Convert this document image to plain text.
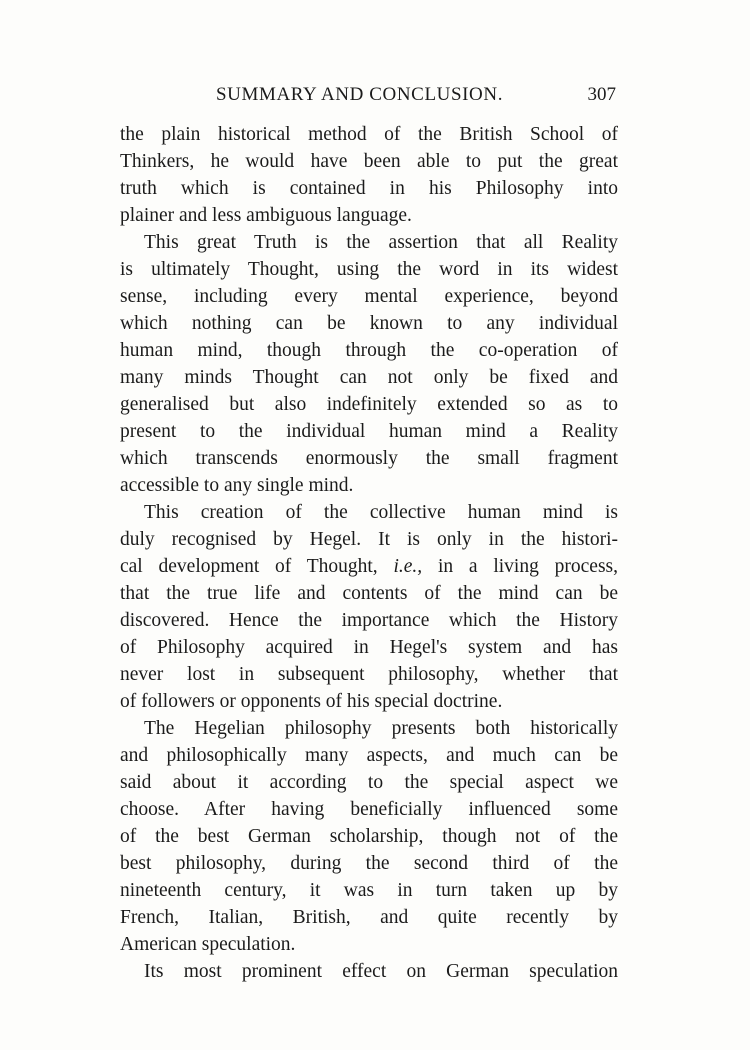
SUMMARY AND CONCLUSION.	307
the plain historical method of the British School of
Thinkers, he would have been able to put the great
truth which is contained in his Philosophy into
plainer and less ambiguous language.
This great Truth is the assertion that all Reality
is ultimately Thought, using the word in its widest
sense, including every mental experience, beyond
which nothing can be known to any individual
human mind, though through the co-operation of
many minds Thought can not only be fixed and
generalised but also indefinitely extended so as to
present to the individual human mind a Reality
which transcends enormously the small fragment
accessible to any single mind.
This creation of the collective human mind is
duly recognised by Hegel. It is only in the histori-
cal development of Thought, i.e., in a living process,
that the true life and contents of the mind can be
discovered. Hence the importance which the History
of Philosophy acquired in Hegel's system and has
never lost in subsequent philosophy, whether that
of followers or opponents of his special doctrine.
The Hegelian philosophy presents both historically
and philosophically many aspects, and much can be
said about it according to the special aspect we
choose. After having beneficially influenced some
of the best German scholarship, though not of the
best philosophy, during the second third of the
nineteenth century, it was in turn taken up by
French, Italian, British, and quite recently by
American speculation.
Its most prominent effect on German speculation
